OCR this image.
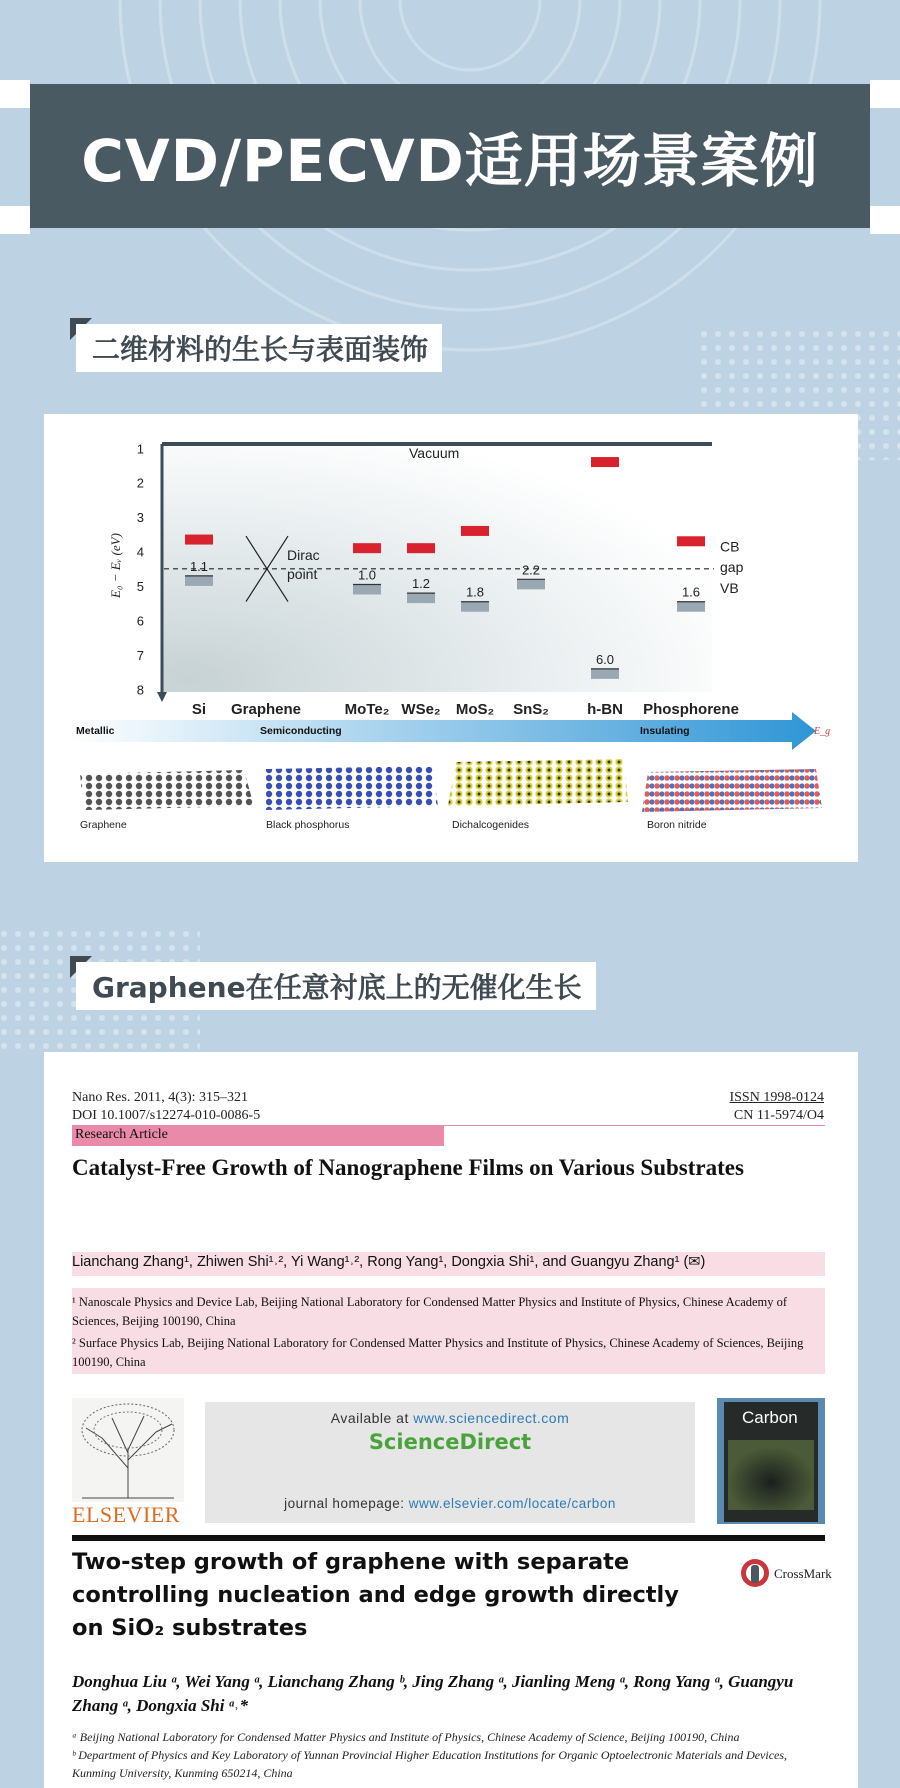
CVD/PECVD适用场景案例
二维材料的生长与表面装饰
1
2
3
4
5
6
7
8
E₀ − Eᵥ (eV)
Vacuum
Si Graphene	MoTe₂ WSe₂ MoS₂ SnS₂	h-BN Phosphorene
1.1
1.0
1.2
1.8
2.2
6.0
1.6
Dirac
point
CB
gap
VB
Metallic	Semiconducting	Insulating	E_g
Graphene	Black phosphorus	Dichalcogenides	Boron nitride
Graphene在任意衬底上的无催化生长
Nano Res. 2011, 4(3): 315–321
DOI 10.1007/s12274-010-0086-5
ISSN 1998-0124
CN 11-5974/O4
Research Article
Catalyst-Free Growth of Nanographene Films on Various Substrates
Lianchang Zhang¹, Zhiwen Shi¹˒², Yi Wang¹˒², Rong Yang¹, Dongxia Shi¹, and Guangyu Zhang¹ (✉)
¹ Nanoscale Physics and Device Lab, Beijing National Laboratory for Condensed Matter Physics and Institute of Physics, Chinese Academy of Sciences, Beijing 100190, China
² Surface Physics Lab, Beijing National Laboratory for Condensed Matter Physics and Institute of Physics, Chinese Academy of Sciences, Beijing 100190, China
ELSEVIER
Available at www.sciencedirect.com
ScienceDirect
journal homepage: www.elsevier.com/locate/carbon
Carbon
Two-step growth of graphene with separate controlling nucleation and edge growth directly on SiO₂ substrates
CrossMark
Donghua Liu ᵃ, Wei Yang ᵃ, Lianchang Zhang ᵇ, Jing Zhang ᵃ, Jianling Meng ᵃ, Rong Yang ᵃ, Guangyu Zhang ᵃ, Dongxia Shi ᵃ˒*
ᵃ Beijing National Laboratory for Condensed Matter Physics and Institute of Physics, Chinese Academy of Science, Beijing 100190, China
ᵇ Department of Physics and Key Laboratory of Yunnan Provincial Higher Education Institutions for Organic Optoelectronic Materials and Devices, Kunming University, Kunming 650214, China
